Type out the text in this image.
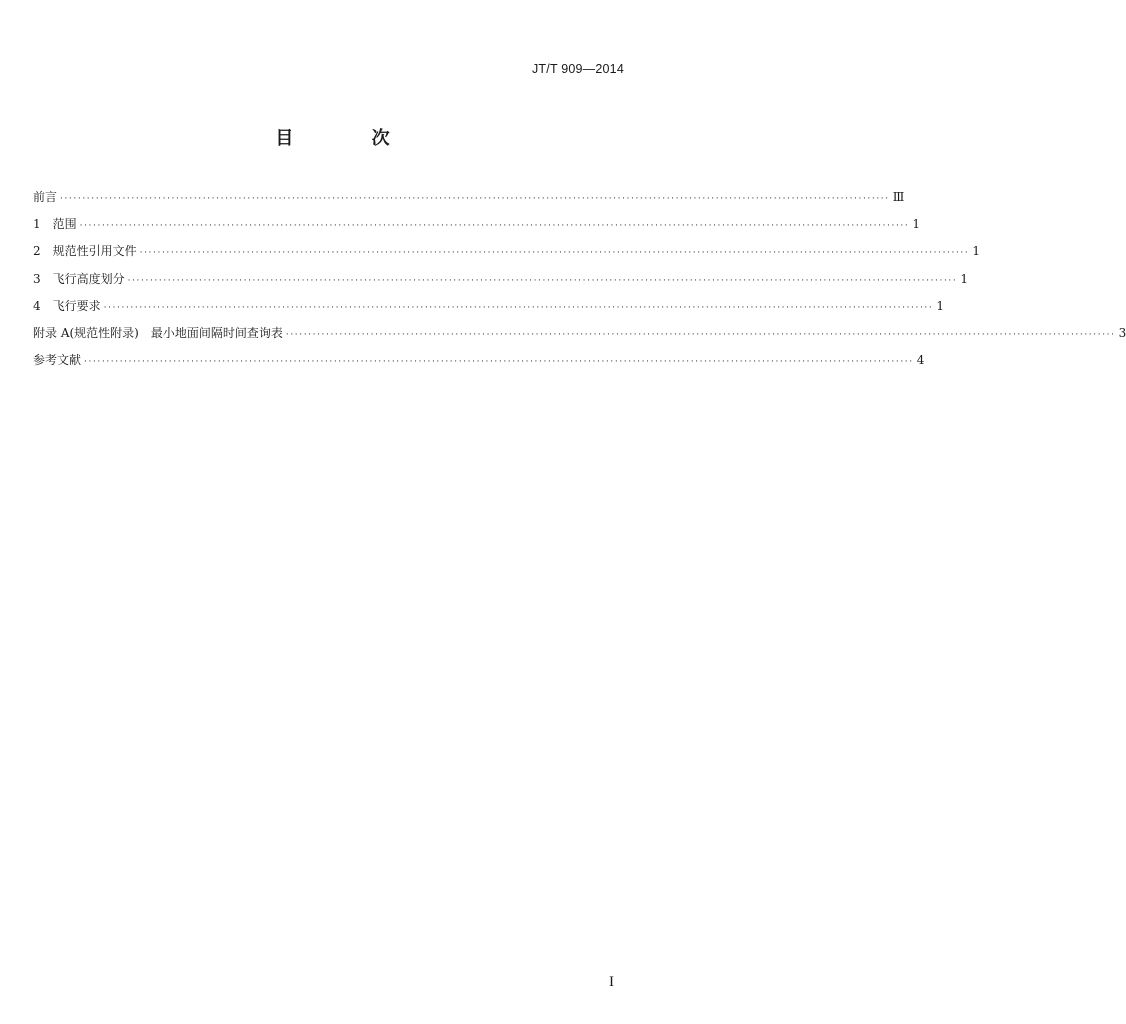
JT/T 909—2014
目 次
前言 ·························································································································································································· Ⅲ
1 范围 ·························································································································································································· 1
2 规范性引用文件 ·························································································································································································· 1
3 飞行高度划分 ·························································································································································································· 1
4 飞行要求 ·························································································································································································· 1
附录 A(规范性附录) 最小地面间隔时间查询表 ·························································································································································································· 3
参考文献 ·························································································································································································· 4
I
